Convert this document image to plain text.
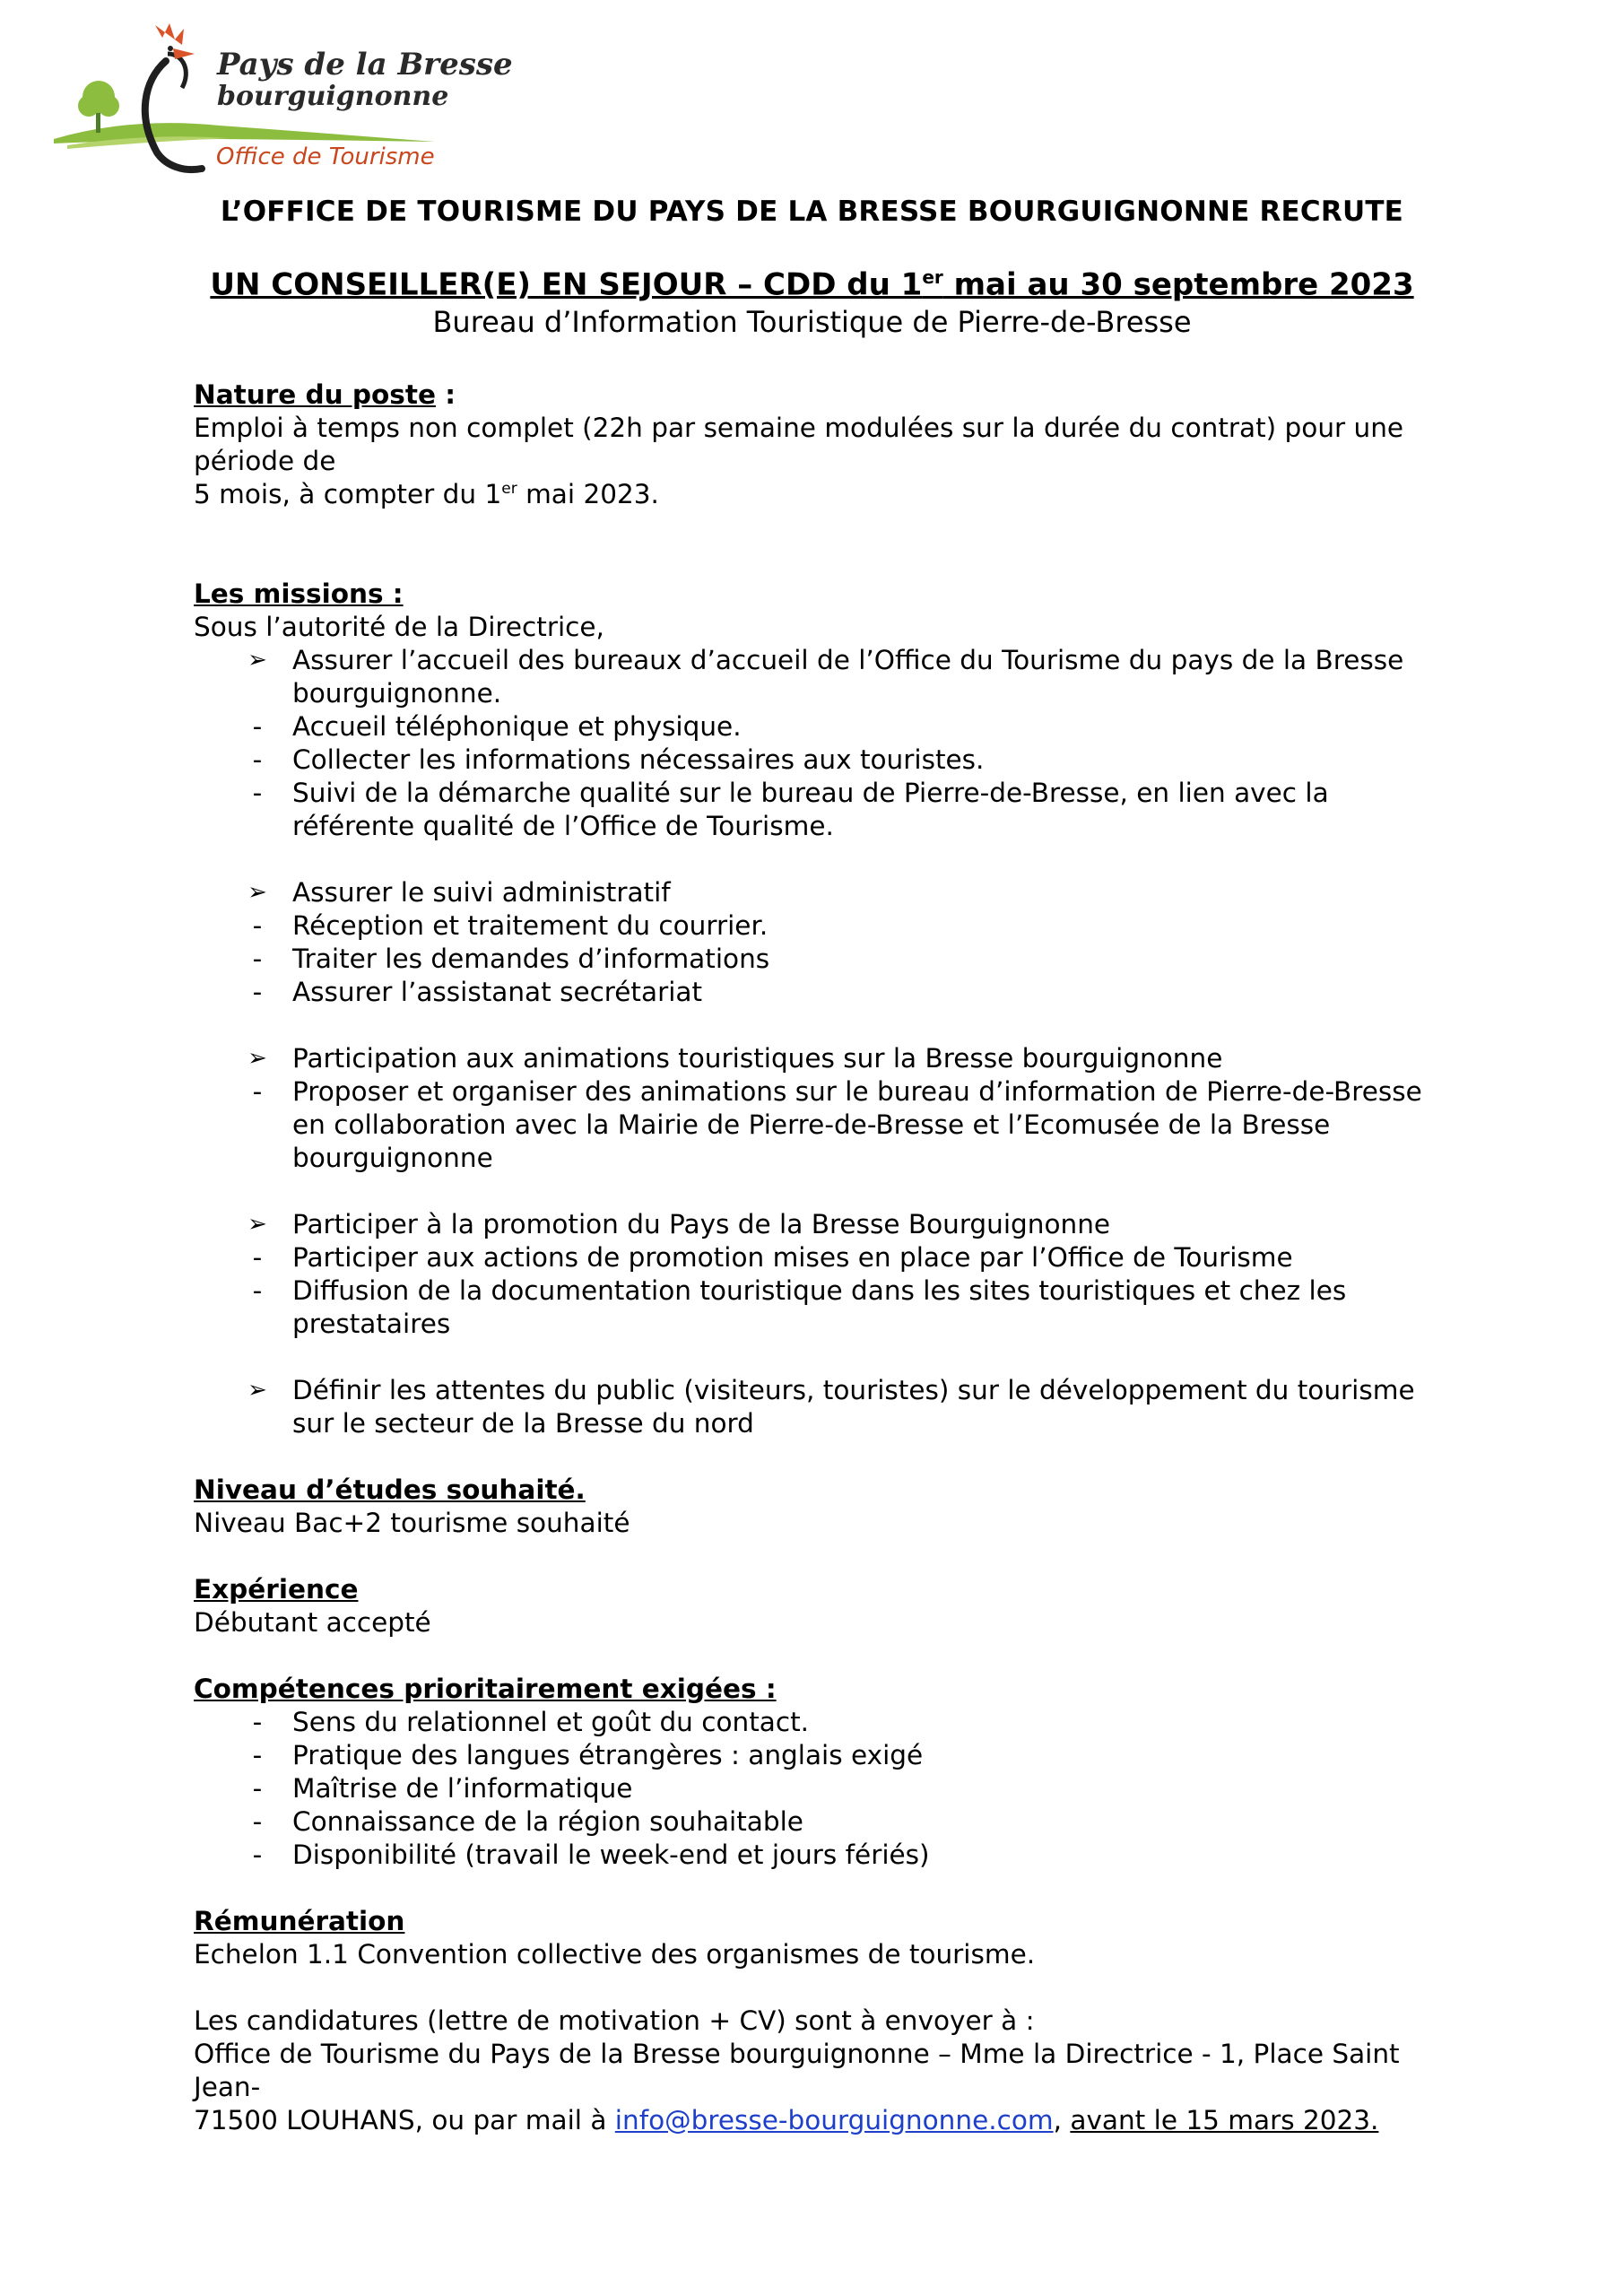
Pays de la Bresse
bourguignonne
Office de Tourisme
L’OFFICE DE TOURISME DU PAYS DE LA BRESSE BOURGUIGNONNE RECRUTE
UN CONSEILLER(E) EN SEJOUR – CDD du 1er mai au 30 septembre 2023
Bureau d’Information Touristique de Pierre-de-Bresse

Nature du poste :

Emploi à temps non complet (22h par semaine modulées sur la durée du contrat) pour une période de

5 mois, à compter du 1er mai 2023.

Les missions :

Sous l’autorité de la Directrice,

➢ Assurer l’accueil des bureaux d’accueil de l’Office du Tourisme du pays de la Bresse bourguignonne.
-	Accueil téléphonique et physique.
-	Collecter les informations nécessaires aux touristes.
-	Suivi de la démarche qualité sur le bureau de Pierre-de-Bresse, en lien avec la référente qualité de l’Office de Tourisme.
➢ Assurer le suivi administratif
-	Réception et traitement du courrier.
-	Traiter les demandes d’informations
-	Assurer l’assistanat secrétariat
➢ Participation aux animations touristiques sur la Bresse bourguignonne
-	Proposer et organiser des animations sur le bureau d’information de Pierre-de-Bresse en collaboration avec la Mairie de Pierre-de-Bresse et l’Ecomusée de la Bresse bourguignonne
➢ Participer à la promotion du Pays de la Bresse Bourguignonne
-	Participer aux actions de promotion mises en place par l’Office de Tourisme
-	Diffusion de la documentation touristique dans les sites touristiques et chez les prestataires
➢ Définir les attentes du public (visiteurs, touristes) sur le développement du tourisme sur le secteur de la Bresse du nord

Niveau d’études souhaité.

Niveau Bac+2 tourisme souhaité

Expérience

Débutant accepté

Compétences prioritairement exigées :

-	Sens du relationnel et goût du contact.
-	Pratique des langues étrangères : anglais exigé
-	Maîtrise de l’informatique
-	Connaissance de la région souhaitable
-	Disponibilité (travail le week-end et jours fériés)

Rémunération

Echelon 1.1 Convention collective des organismes de tourisme.

Les candidatures (lettre de motivation + CV) sont à envoyer à :

Office de Tourisme du Pays de la Bresse bourguignonne – Mme la Directrice - 1, Place Saint Jean-

71500 LOUHANS, ou par mail à info@bresse-bourguignonne.com, avant le 15 mars 2023.
